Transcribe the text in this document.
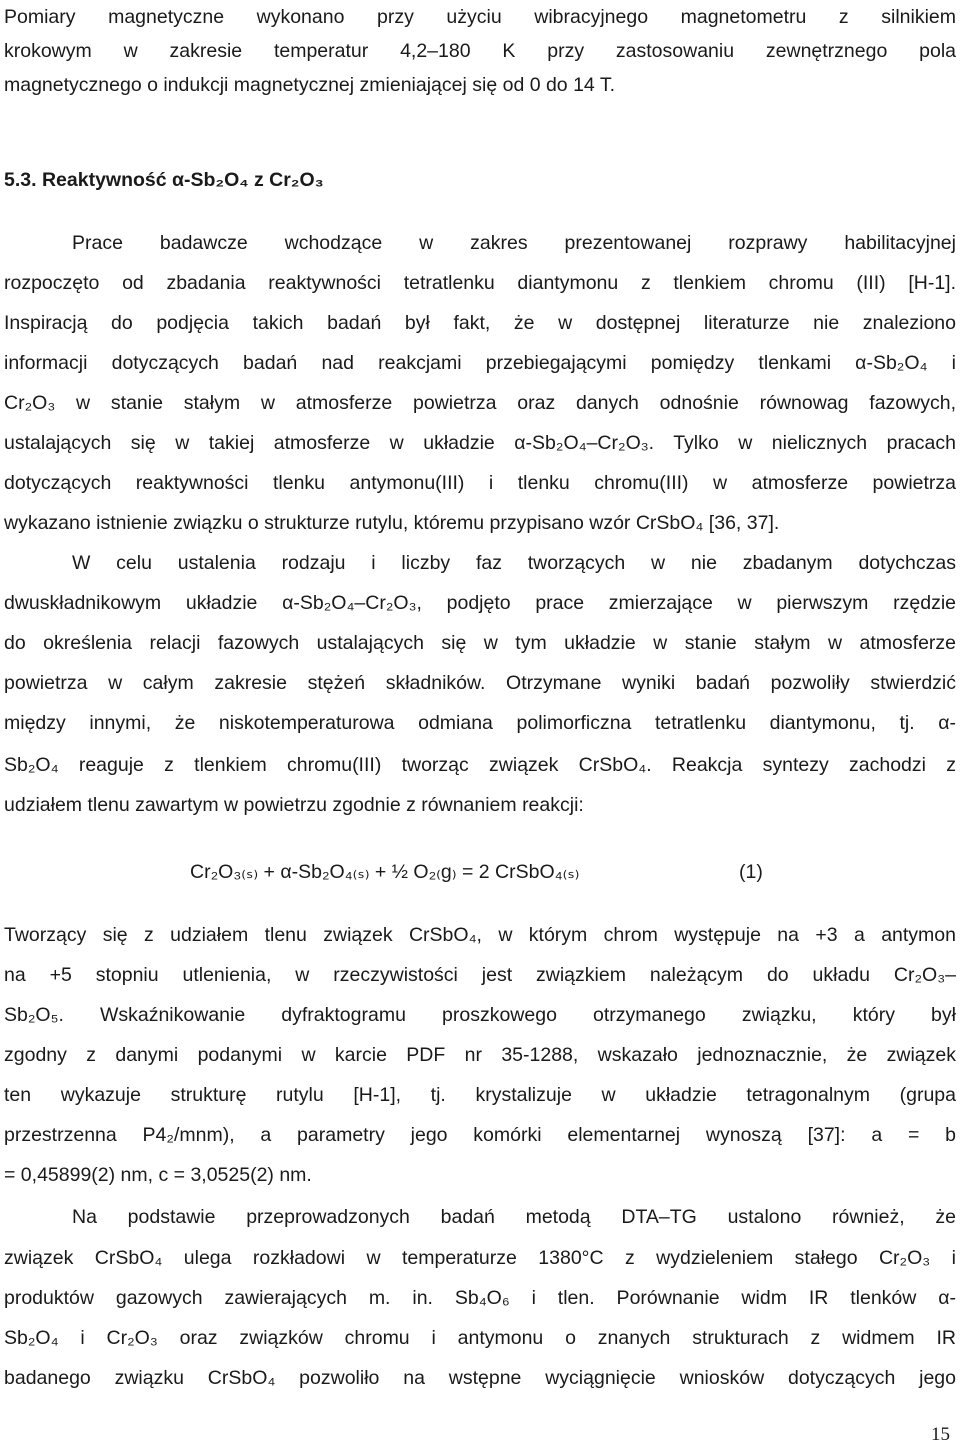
Pomiary magnetyczne wykonano przy użyciu wibracyjnego magnetometru z silnikiem
krokowym w zakresie temperatur 4,2–180 K przy zastosowaniu zewnętrznego pola
magnetycznego o indukcji magnetycznej zmieniającej się od 0 do 14 T.
5.3. Reaktywność α-Sb₂O₄ z Cr₂O₃
Prace badawcze wchodzące w zakres prezentowanej rozprawy habilitacyjnej
rozpoczęto od zbadania reaktywności tetratlenku diantymonu z tlenkiem chromu (III) [H-1].
Inspiracją do podjęcia takich badań był fakt, że w dostępnej literaturze nie znaleziono
informacji dotyczących badań nad reakcjami przebiegającymi pomiędzy tlenkami α-Sb₂O₄ i
Cr₂O₃ w stanie stałym w atmosferze powietrza oraz danych odnośnie równowag fazowych,
ustalających się w takiej atmosferze w układzie α-Sb₂O₄–Cr₂O₃. Tylko w nielicznych pracach
dotyczących reaktywności tlenku antymonu(III) i tlenku chromu(III) w atmosferze powietrza
wykazano istnienie związku o strukturze rutylu, któremu przypisano wzór CrSbO₄ [36, 37].
W celu ustalenia rodzaju i liczby faz tworzących w nie zbadanym dotychczas
dwuskładnikowym układzie α-Sb₂O₄–Cr₂O₃, podjęto prace zmierzające w pierwszym rzędzie
do określenia relacji fazowych ustalających się w tym układzie w stanie stałym w atmosferze
powietrza w całym zakresie stężeń składników. Otrzymane wyniki badań pozwoliły stwierdzić
między innymi, że niskotemperaturowa odmiana polimorficzna tetratlenku diantymonu, tj. α-
Sb₂O₄ reaguje z tlenkiem chromu(III) tworząc związek CrSbO₄. Reakcja syntezy zachodzi z
udziałem tlenu zawartym w powietrzu zgodnie z równaniem reakcji:
Cr₂O₃₍ₛ₎ + α-Sb₂O₄₍ₛ₎ + ½ O₂₍g₎ = 2 CrSbO₄₍ₛ₎	(1)
Tworzący się z udziałem tlenu związek CrSbO₄, w którym chrom występuje na +3 a antymon
na +5 stopniu utlenienia, w rzeczywistości jest związkiem należącym do układu Cr₂O₃–
Sb₂O₅. Wskaźnikowanie dyfraktogramu proszkowego otrzymanego związku, który był
zgodny z danymi podanymi w karcie PDF nr 35-1288, wskazało jednoznacznie, że związek
ten wykazuje strukturę rutylu [H-1], tj. krystalizuje w układzie tetragonalnym (grupa
przestrzenna P4₂/mnm), a parametry jego komórki elementarnej wynoszą [37]: a = b
= 0,45899(2) nm, c = 3,0525(2) nm.
Na podstawie przeprowadzonych badań metodą DTA–TG ustalono również, że
związek CrSbO₄ ulega rozkładowi w temperaturze 1380°C z wydzieleniem stałego Cr₂O₃ i
produktów gazowych zawierających m. in. Sb₄O₆ i tlen. Porównanie widm IR tlenków α-
Sb₂O₄ i Cr₂O₃ oraz związków chromu i antymonu o znanych strukturach z widmem IR
badanego związku CrSbO₄ pozwoliło na wstępne wyciągnięcie wniosków dotyczących jego
15
